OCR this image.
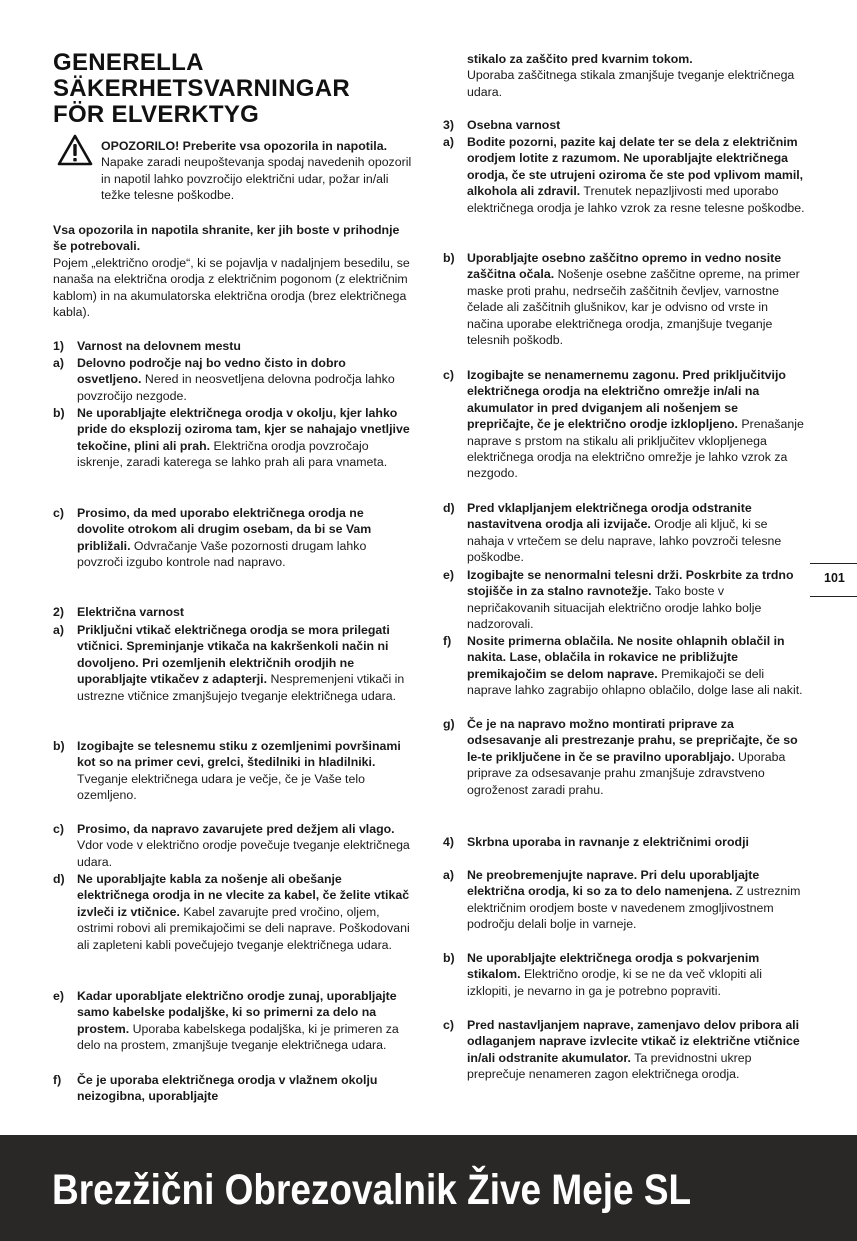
GENERELLA
SÄKERHETSVARNINGAR
FÖR ELVERKTYG
OPOZORILO! Preberite vsa opozorila in napotila. Napake zaradi neupoštevanja spodaj navedenih opozoril in napotil lahko povzročijo električni udar, požar in/ali težke telesne poškodbe.
Vsa opozorila in napotila shranite, ker jih boste v prihodnje še potrebovali.
Pojem „električno orodje“, ki se pojavlja v nadaljnjem besedilu, se nanaša na električna orodja z električnim pogonom (z električnim kablom) in na akumulatorska električna orodja (brez električnega kabla).
1)	Varnost na delovnem mestu
a)	Delovno področje naj bo vedno čisto in dobro osvetljeno. Nered in neosvetljena delovna področja lahko povzročijo nezgode.
b) Ne uporabljajte električnega orodja v okolju, kjer lahko pride do eksplozij oziroma tam, kjer se nahajajo vnetljive tekočine, plini ali prah. Električna orodja povzročajo iskrenje, zaradi katerega se lahko prah ali para vnameta.
c)	Prosimo, da med uporabo električnega orodja ne dovolite otrokom ali drugim osebam, da bi se Vam približali. Odvračanje Vaše pozornosti drugam lahko povzroči izgubo kontrole nad napravo.
2)	Električna varnost
a)	Priključni vtikač električnega orodja se mora prilegati vtičnici. Spreminjanje vtikača na kakršenkoli način ni dovoljeno. Pri ozemljenih električnih orodjih ne uporabljajte vtikačev z adapterji. Nespremenjeni vtikači in ustrezne vtičnice zmanjšujejo tveganje električnega udara.
b) Izogibajte se telesnemu stiku z ozemljenimi površinami kot so na primer cevi, grelci, štedilniki in hladilniki. Tveganje električnega udara je večje, če je Vaše telo ozemljeno.
c)	Prosimo, da napravo zavarujete pred dežjem ali vlago. Vdor vode v električno orodje povečuje tveganje električnega udara.
d) Ne uporabljajte kabla za nošenje ali obešanje električnega orodja in ne vlecite za kabel, če želite vtikač izvleči iz vtičnice. Kabel zavarujte pred vročino, oljem, ostrimi robovi ali premikajočimi se deli naprave. Poškodovani ali zapleteni kabli povečujejo tveganje električnega udara.
e)	Kadar uporabljate električno orodje zunaj, uporabljajte samo kabelske podaljške, ki so primerni za delo na prostem. Uporaba kabelskega podaljška, ki je primeren za delo na prostem, zmanjšuje tveganje električnega udara.
f)	Če je uporaba električnega orodja v vlažnem okolju neizogibna, uporabljajte
stikalo za zaščito pred kvarnim tokom.
Uporaba zaščitnega stikala zmanjšuje tveganje električnega udara.
3)	Osebna varnost
a)	Bodite pozorni, pazite kaj delate ter se dela z električnim orodjem lotite z razumom. Ne uporabljajte električnega orodja, če ste utrujeni oziroma če ste pod vplivom mamil, alkohola ali zdravil. Trenutek nepazljivosti med uporabo električnega orodja je lahko vzrok za resne telesne poškodbe.
b) Uporabljajte osebno zaščitno opremo in vedno nosite zaščitna očala. Nošenje osebne zaščitne opreme, na primer maske proti prahu, nedrsečih zaščitnih čevljev, varnostne čelade ali zaščitnih glušnikov, kar je odvisno od vrste in načina uporabe električnega orodja, zmanjšuje tveganje telesnih poškodb.
c)	Izogibajte se nenamernemu zagonu. Pred priključitvijo električnega orodja na električno omrežje in/ali na akumulator in pred dviganjem ali nošenjem se prepričajte, če je električno orodje izklopljeno. Prenašanje naprave s prstom na stikalu ali priključitev vklopljenega električnega orodja na električno omrežje je lahko vzrok za nezgodo.
d) Pred vklapljanjem električnega orodja odstranite nastavitvena orodja ali izvijače. Orodje ali ključ, ki se nahaja v vrtečem se delu naprave, lahko povzroči telesne poškodbe.
e)	Izogibajte se nenormalni telesni drži. Poskrbite za trdno stojišče in za stalno ravnotežje. Tako boste v nepričakovanih situacijah električno orodje lahko bolje nadzorovali.
f)	Nosite primerna oblačila. Ne nosite ohlapnih oblačil in nakita. Lase, oblačila in rokavice ne približujte premikajočim se delom naprave. Premikajoči se deli naprave lahko zagrabijo ohlapno oblačilo, dolge lase ali nakit.
g) Če je na napravo možno montirati priprave za odsesavanje ali prestrezanje prahu, se prepričajte, če so le-te priključene in če se pravilno uporabljajo. Uporaba priprave za odsesavanje prahu zmanjšuje zdravstveno ogroženost zaradi prahu.
4)	Skrbna uporaba in ravnanje z električnimi orodji
a)	Ne preobremenjujte naprave. Pri delu uporabljajte električna orodja, ki so za to delo namenjena. Z ustreznim električnim orodjem boste v navedenem zmogljivostnem področju delali bolje in varneje.
b) Ne uporabljajte električnega orodja s pokvarjenim stikalom. Električno orodje, ki se ne da več vklopiti ali izklopiti, je nevarno in ga je potrebno popraviti.
c)	Pred nastavljanjem naprave, zamenjavo delov pribora ali odlaganjem naprave izvlecite vtikač iz električne vtičnice in/ali odstranite akumulator. Ta previdnostni ukrep preprečuje nenameren zagon električnega orodja.
101
Brezžični Obrezovalnik Žive Meje SL
